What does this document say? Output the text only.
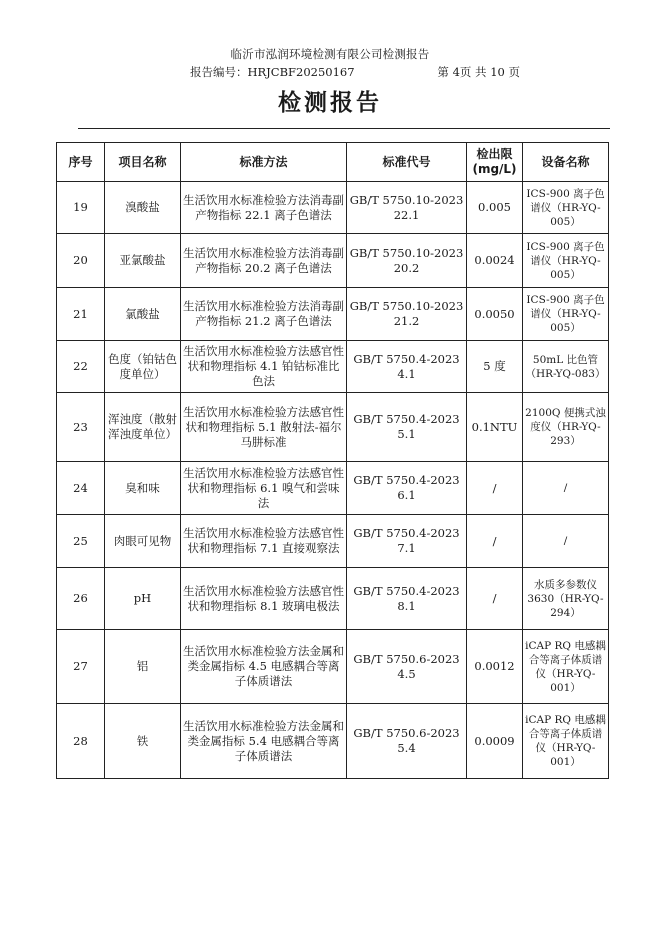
临沂市泓润环境检测有限公司检测报告
报告编号：HRJCBF20250167	第 4页 共 10 页
检测报告
序号	项目名称	标准方法	标准代号	检出限(mg/L)	设备名称
19	溴酸盐	生活饮用水标准检验方法消毒副产物指标 22.1 离子色谱法	GB/T 5750.10-2023 22.1	0.005	ICS-900 离子色谱仪（HR-YQ-005）
20	亚氯酸盐	生活饮用水标准检验方法消毒副产物指标 20.2 离子色谱法	GB/T 5750.10-2023 20.2	0.0024	ICS-900 离子色谱仪（HR-YQ-005）
21	氯酸盐	生活饮用水标准检验方法消毒副产物指标 21.2 离子色谱法	GB/T 5750.10-2023 21.2	0.0050	ICS-900 离子色谱仪（HR-YQ-005）
22	色度（铂钴色度单位）	生活饮用水标准检验方法感官性状和物理指标 4.1 铂钴标准比色法	GB/T 5750.4-2023 4.1	5 度	50mL 比色管（HR-YQ-083）
23	浑浊度（散射浑浊度单位）	生活饮用水标准检验方法感官性状和物理指标 5.1 散射法-福尔马肼标准	GB/T 5750.4-2023 5.1	0.1NTU	2100Q 便携式浊度仪（HR-YQ-293）
24	臭和味	生活饮用水标准检验方法感官性状和物理指标 6.1 嗅气和尝味法	GB/T 5750.4-2023 6.1	/	/
25	肉眼可见物	生活饮用水标准检验方法感官性状和物理指标 7.1 直接观察法	GB/T 5750.4-2023 7.1	/	/
26	pH	生活饮用水标准检验方法感官性状和物理指标 8.1 玻璃电极法	GB/T 5750.4-2023 8.1	/	水质多参数仪 3630（HR-YQ-294）
27	铝	生活饮用水标准检验方法金属和类金属指标 4.5 电感耦合等离子体质谱法	GB/T 5750.6-2023 4.5	0.0012	iCAP RQ 电感耦合等离子体质谱仪（HR-YQ-001）
28	铁	生活饮用水标准检验方法金属和类金属指标 5.4 电感耦合等离子体质谱法	GB/T 5750.6-2023 5.4	0.0009	iCAP RQ 电感耦合等离子体质谱仪（HR-YQ-001）
